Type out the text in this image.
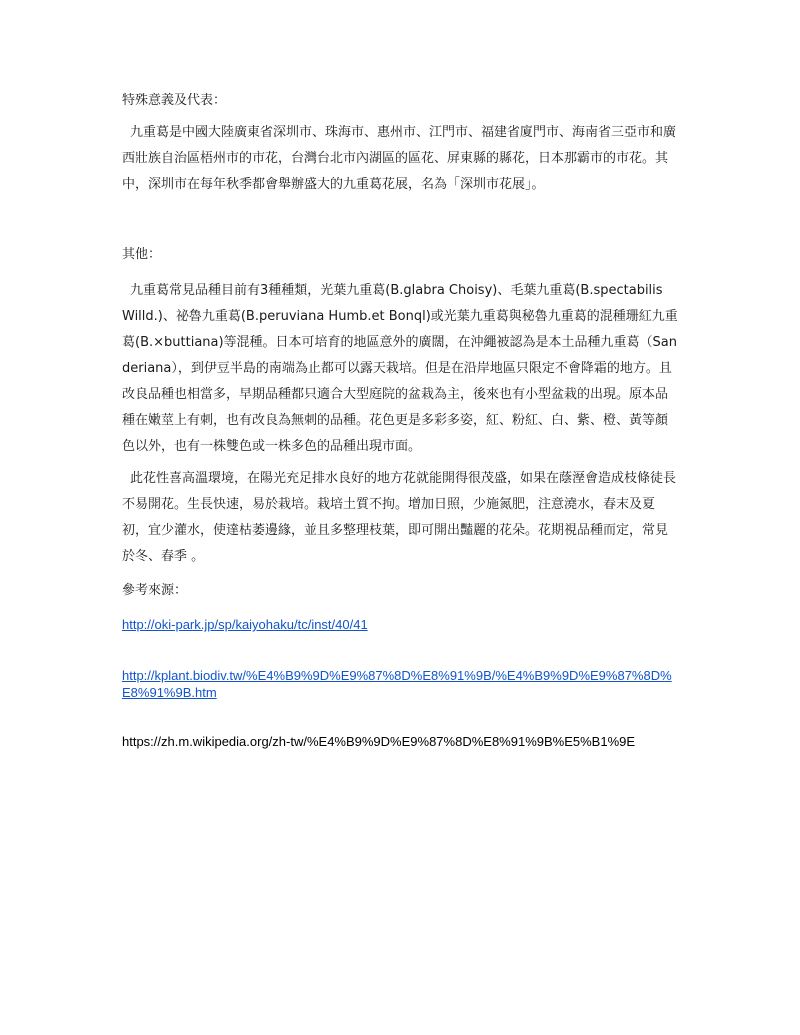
特殊意義及代表：

九重葛是中國大陸廣東省深圳市、珠海市、惠州市、江門市、福建省廈門市、海南省三亞市和廣西壯族自治區梧州市的市花，台灣台北市內湖區的區花、屏東縣的縣花，日本那霸市的市花。其中，深圳市在每年秋季都會舉辦盛大的九重葛花展，名為「深圳市花展」。

其他：

九重葛常見品種目前有3種種類，光葉九重葛(B.glabra Choisy)、毛葉九重葛(B.spectabilis Willd.)、祕魯九重葛(B.peruviana Humb.et Bonql)或光葉九重葛與秘魯九重葛的混種珊紅九重葛(B.×buttiana)等混種。日本可培育的地區意外的廣闊，在沖繩被認為是本土品種九重葛（Sanderiana），到伊豆半島的南端為止都可以露天栽培。但是在沿岸地區只限定不會降霜的地方。且改良品種也相當多，早期品種都只適合大型庭院的盆栽為主，後來也有小型盆栽的出現。原本品種在嫩莖上有刺，也有改良為無刺的品種。花色更是多彩多姿，紅、粉紅、白、紫、橙、黃等顏色以外，也有一株雙色或一株多色的品種出現市面。

此花性喜高溫環境，在陽光充足排水良好的地方花就能開得很茂盛，如果在蔭溼會造成枝條徒長不易開花。生長快速，易於栽培。栽培土質不拘。增加日照，少施氮肥，注意澆水，春末及夏初，宜少灌水，使達枯萎邊緣，並且多整理枝葉，即可開出豔麗的花朵。花期視品種而定，常見於冬、春季 。

參考來源：

http://oki-park.jp/sp/kaiyohaku/tc/inst/40/41
http://kplant.biodiv.tw/%E4%B9%9D%E9%87%8D%E8%91%9B/%E4%B9%9D%E9%87%8D%E8%91%9B.htm
https://zh.m.wikipedia.org/zh-tw/%E4%B9%9D%E9%87%8D%E8%91%9B%E5%B1%9E
